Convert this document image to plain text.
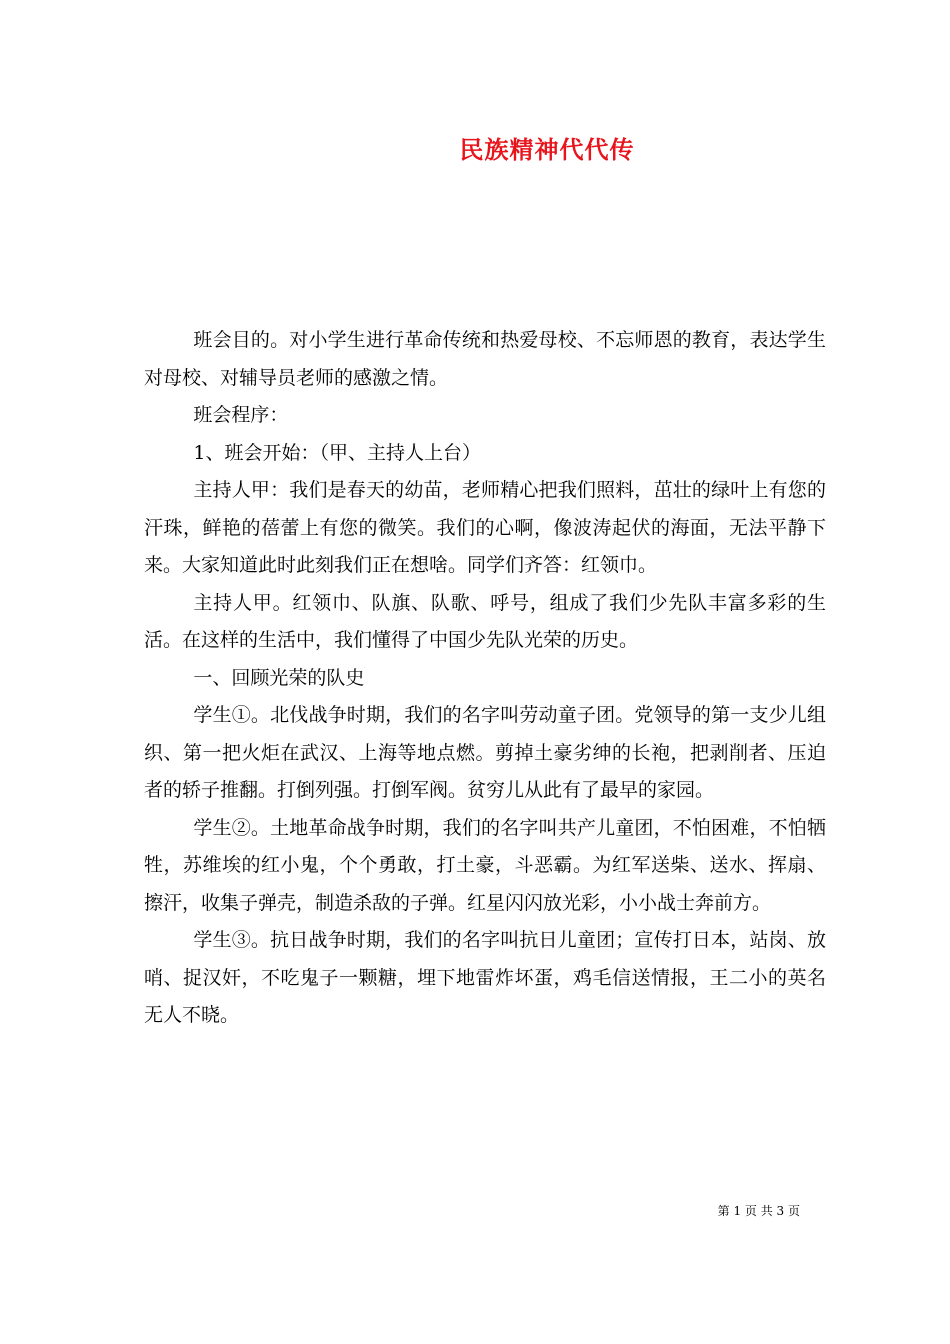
民族精神代代传

班会目的。对小学生进行革命传统和热爱母校、不忘师恩的教育，表达学生对母校、对辅导员老师的感激之情。

班会程序：

1、班会开始：（甲、主持人上台）

主持人甲：我们是春天的幼苗，老师精心把我们照料，茁壮的绿叶上有您的汗珠，鲜艳的蓓蕾上有您的微笑。我们的心啊，像波涛起伏的海面，无法平静下来。大家知道此时此刻我们正在想啥。同学们齐答：红领巾。

主持人甲。红领巾、队旗、队歌、呼号，组成了我们少先队丰富多彩的生活。在这样的生活中，我们懂得了中国少先队光荣的历史。

一、回顾光荣的队史

学生①。北伐战争时期，我们的名字叫劳动童子团。党领导的第一支少儿组织、第一把火炬在武汉、上海等地点燃。剪掉土豪劣绅的长袍，把剥削者、压迫者的轿子推翻。打倒列强。打倒军阀。贫穷儿从此有了最早的家园。

学生②。土地革命战争时期，我们的名字叫共产儿童团，不怕困难，不怕牺牲，苏维埃的红小鬼，个个勇敢，打土豪，斗恶霸。为红军送柴、送水、挥扇、擦汗，收集子弹壳，制造杀敌的子弹。红星闪闪放光彩，小小战士奔前方。

学生③。抗日战争时期，我们的名字叫抗日儿童团；宣传打日本，站岗、放哨、捉汉奸，不吃鬼子一颗糖，埋下地雷炸坏蛋，鸡毛信送情报，王二小的英名无人不晓。

第 1 页 共 3 页
